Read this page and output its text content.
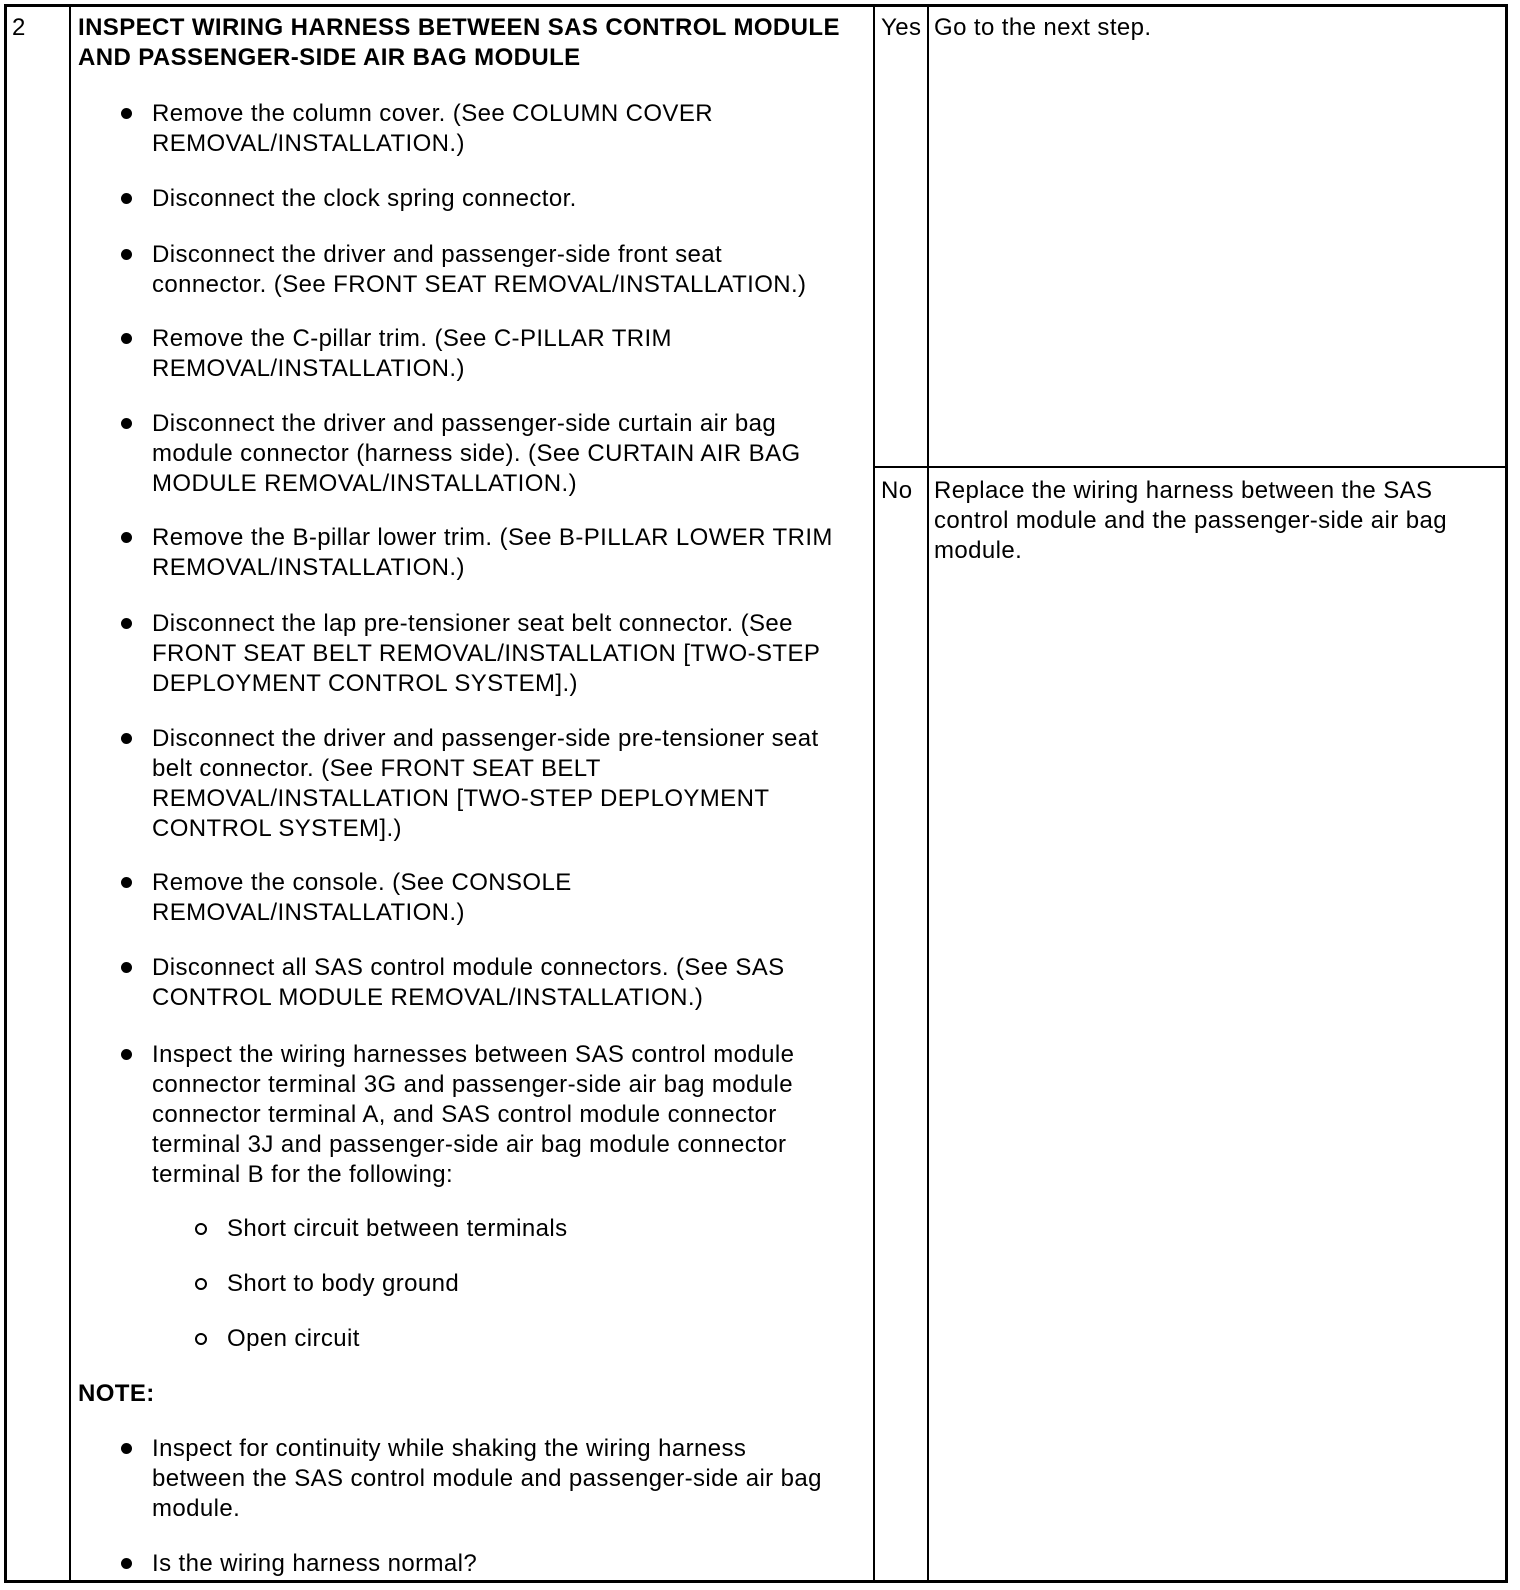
2 INSPECT WIRING HARNESS BETWEEN SAS CONTROL MODULE
AND PASSENGER-SIDE AIR BAG MODULE
Remove the column cover. (See COLUMN COVER
REMOVAL/INSTALLATION.)
Disconnect the clock spring connector.
Disconnect the driver and passenger-side front seat
connector. (See FRONT SEAT REMOVAL/INSTALLATION.)
Remove the C-pillar trim. (See C-PILLAR TRIM
REMOVAL/INSTALLATION.)
Disconnect the driver and passenger-side curtain air bag
module connector (harness side). (See CURTAIN AIR BAG
MODULE REMOVAL/INSTALLATION.)
Remove the B-pillar lower trim. (See B-PILLAR LOWER TRIM
REMOVAL/INSTALLATION.)
Disconnect the lap pre-tensioner seat belt connector. (See
FRONT SEAT BELT REMOVAL/INSTALLATION [TWO-STEP
DEPLOYMENT CONTROL SYSTEM].)
Disconnect the driver and passenger-side pre-tensioner seat
belt connector. (See FRONT SEAT BELT
REMOVAL/INSTALLATION [TWO-STEP DEPLOYMENT
CONTROL SYSTEM].)
Remove the console. (See CONSOLE
REMOVAL/INSTALLATION.)
Disconnect all SAS control module connectors. (See SAS
CONTROL MODULE REMOVAL/INSTALLATION.)
Inspect the wiring harnesses between SAS control module
connector terminal 3G and passenger-side air bag module
connector terminal A, and SAS control module connector
terminal 3J and passenger-side air bag module connector
terminal B for the following:
Short circuit between terminals
Short to body ground
Open circuit
NOTE:
Inspect for continuity while shaking the wiring harness
between the SAS control module and passenger-side air bag
module.
Is the wiring harness normal?
Yes Go to the next step.
No Replace the wiring harness between the SAS
control module and the passenger-side air bag
module.
